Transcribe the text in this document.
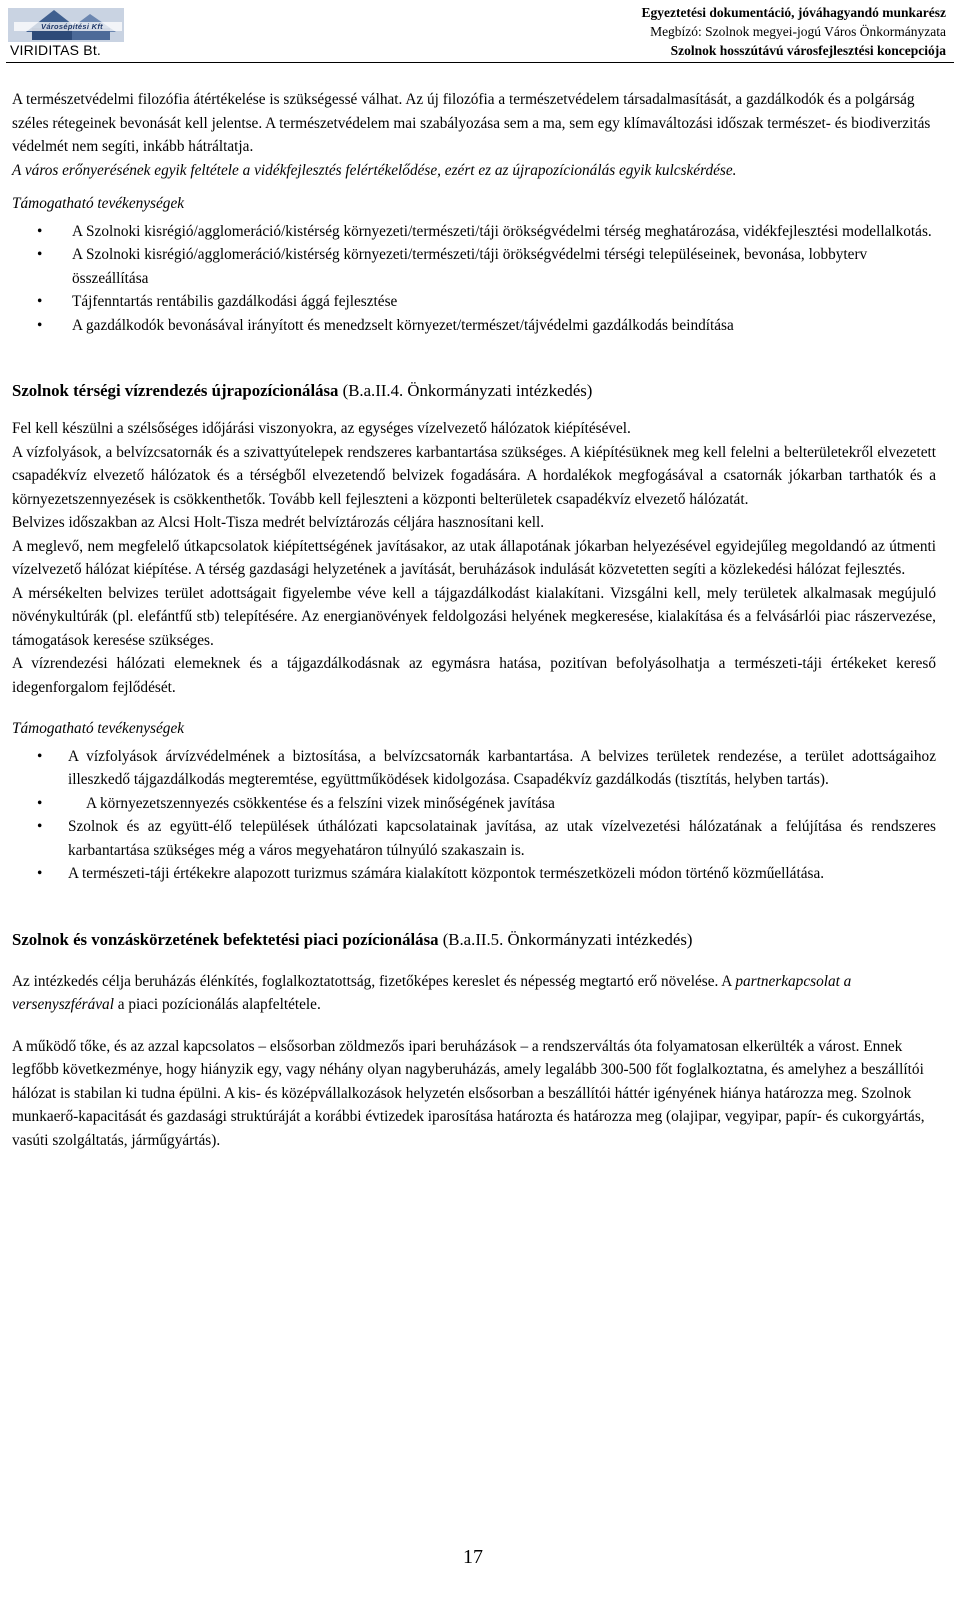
Városépítési Kft
VIRIDITAS Bt.
Egyeztetési dokumentáció, jóváhagyandó munkarész
Megbízó: Szolnok megyei-jogú Város Önkormányzata
Szolnok hosszútávú városfejlesztési koncepciója

A természetvédelmi filozófia átértékelése is szükségessé válhat. Az új filozófia a természetvédelem társadalmasítását, a gazdálkodók és a polgárság széles rétegeinek bevonását kell jelentse. A természetvédelem mai szabályozása sem a ma, sem egy klímaváltozási időszak természet- és biodiverzitás védelmét nem segíti, inkább hátráltatja.

A város erőnyerésének egyik feltétele a vidékfejlesztés felértékelődése, ezért ez az újrapozícionálás egyik kulcskérdése.

Támogatható tevékenységek

• A Szolnoki kisrégió/agglomeráció/kistérség környezeti/természeti/táji örökségvédelmi térség meghatározása, vidékfejlesztési modellalkotás.
• A Szolnoki kisrégió/agglomeráció/kistérség környezeti/természeti/táji örökségvédelmi térségi településeinek, bevonása, lobbyterv összeállítása
• Tájfenntartás rentábilis gazdálkodási ággá fejlesztése
• A gazdálkodók bevonásával irányított és menedzselt környezet/természet/tájvédelmi gazdálkodás beindítása

Szolnok térségi vízrendezés újrapozícionálása (B.a.II.4. Önkormányzati intézkedés)

Fel kell készülni a szélsőséges időjárási viszonyokra, az egységes vízelvezető hálózatok kiépítésével.

A vízfolyások, a belvízcsatornák és a szivattyútelepek rendszeres karbantartása szükséges. A kiépítésüknek meg kell felelni a belterületekről elvezetett csapadékvíz elvezető hálózatok és a térségből elvezetendő belvizek fogadására. A hordalékok megfogásával a csatornák jókarban tarthatók és a környezetszennyezések is csökkenthetők. Tovább kell fejleszteni a központi belterületek csapadékvíz elvezető hálózatát.

Belvizes időszakban az Alcsi Holt-Tisza medrét belvíztározás céljára hasznosítani kell.

A meglevő, nem megfelelő útkapcsolatok kiépítettségének javításakor, az utak állapotának jókarban helyezésével egyidejűleg megoldandó az útmenti vízelvezető hálózat kiépítése. A térség gazdasági helyzetének a javítását, beruházások indulását közvetetten segíti a közlekedési hálózat fejlesztés.

A mérsékelten belvizes terület adottságait figyelembe véve kell a tájgazdálkodást kialakítani. Vizsgálni kell, mely területek alkalmasak megújuló növénykultúrák (pl. elefántfű stb) telepítésére. Az energianövények feldolgozási helyének megkeresése, kialakítása és a felvásárlói piac rászervezése, támogatások keresése szükséges.

A vízrendezési hálózati elemeknek és a tájgazdálkodásnak az egymásra hatása, pozitívan befolyásolhatja a természeti-táji értékeket kereső idegenforgalom fejlődését.

Támogatható tevékenységek

• A vízfolyások árvízvédelmének a biztosítása, a belvízcsatornák karbantartása. A belvizes területek rendezése, a terület adottságaihoz illeszkedő tájgazdálkodás megteremtése, együttműködések kidolgozása. Csapadékvíz gazdálkodás (tisztítás, helyben tartás).
• A környezetszennyezés csökkentése és a felszíni vizek minőségének javítása
• Szolnok és az együtt-élő települések úthálózati kapcsolatainak javítása, az utak vízelvezetési hálózatának a felújítása és rendszeres karbantartása szükséges még a város megyehatáron túlnyúló szakaszain is.
• A természeti-táji értékekre alapozott turizmus számára kialakított központok természetközeli módon történő közműellátása.

Szolnok és vonzáskörzetének befektetési piaci pozícionálása (B.a.II.5. Önkormányzati intézkedés)

Az intézkedés célja beruházás élénkítés, foglalkoztatottság, fizetőképes kereslet és népesség megtartó erő növelése. A partnerkapcsolat a versenyszférával a piaci pozícionálás alapfeltétele.

A működő tőke, és az azzal kapcsolatos – elsősorban zöldmezős ipari beruházások – a rendszerváltás óta folyamatosan elkerülték a várost. Ennek legfőbb következménye, hogy hiányzik egy, vagy néhány olyan nagyberuházás, amely legalább 300-500 főt foglalkoztatna, és amelyhez a beszállítói hálózat is stabilan ki tudna épülni. A kis- és középvállalkozások helyzetén elsősorban a beszállítói háttér igényének hiánya határozza meg. Szolnok munkaerő-kapacitását és gazdasági struktúráját a korábbi évtizedek iparosítása határozta és határozza meg (olajipar, vegyipar, papír- és cukorgyártás, vasúti szolgáltatás, járműgyártás).

17
